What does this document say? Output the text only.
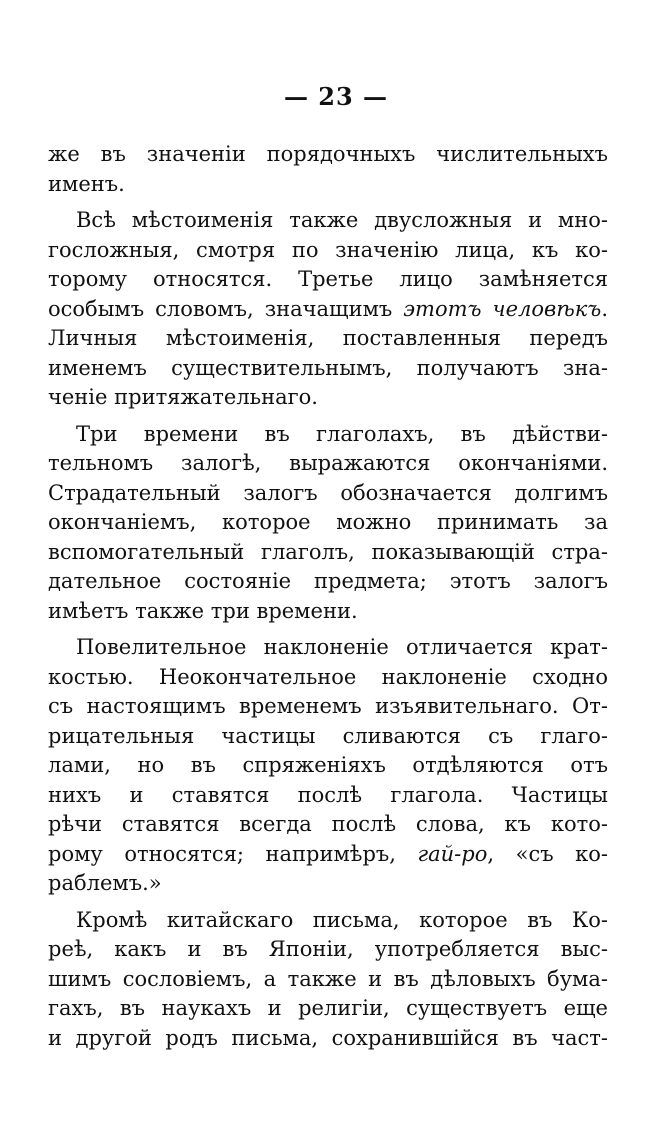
— 23 —
же въ значеніи порядочныхъ числительныхъ
именъ.
Всѣ мѣстоименія также двусложныя и мно-
госложныя, смотря по значенію лица, къ ко-
торому относятся. Третье лицо замѣняется
особымъ словомъ, значащимъ этотъ человѣкъ.
Личныя мѣстоименія, поставленныя передъ
именемъ существительнымъ, получаютъ зна-
ченіе притяжательнаго.
Три времени въ глаголахъ, въ дѣйстви-
тельномъ залогѣ, выражаются окончаніями.
Страдательный залогъ обозначается долгимъ
окончаніемъ, которое можно принимать за
вспомогательный глаголъ, показывающій стра-
дательное состояніе предмета; этотъ залогъ
имѣетъ также три времени.
Повелительное наклоненіе отличается крат-
костью. Неокончательное наклоненіе сходно
съ настоящимъ временемъ изъявительнаго. От-
рицательныя частицы сливаются съ глаго-
лами, но въ спряженіяхъ отдѣляются отъ
нихъ и ставятся послѣ глагола. Частицы
рѣчи ставятся всегда послѣ слова, къ кото-
рому относятся; напримѣръ, гай-ро, «съ ко-
раблемъ.»
Кромѣ китайскаго письма, которое въ Ко-
реѣ, какъ и въ Японіи, употребляется выс-
шимъ сословіемъ, а также и въ дѣловыхъ бума-
гахъ, въ наукахъ и религіи, существуетъ еще
и другой родъ письма, сохранившійся въ част-
